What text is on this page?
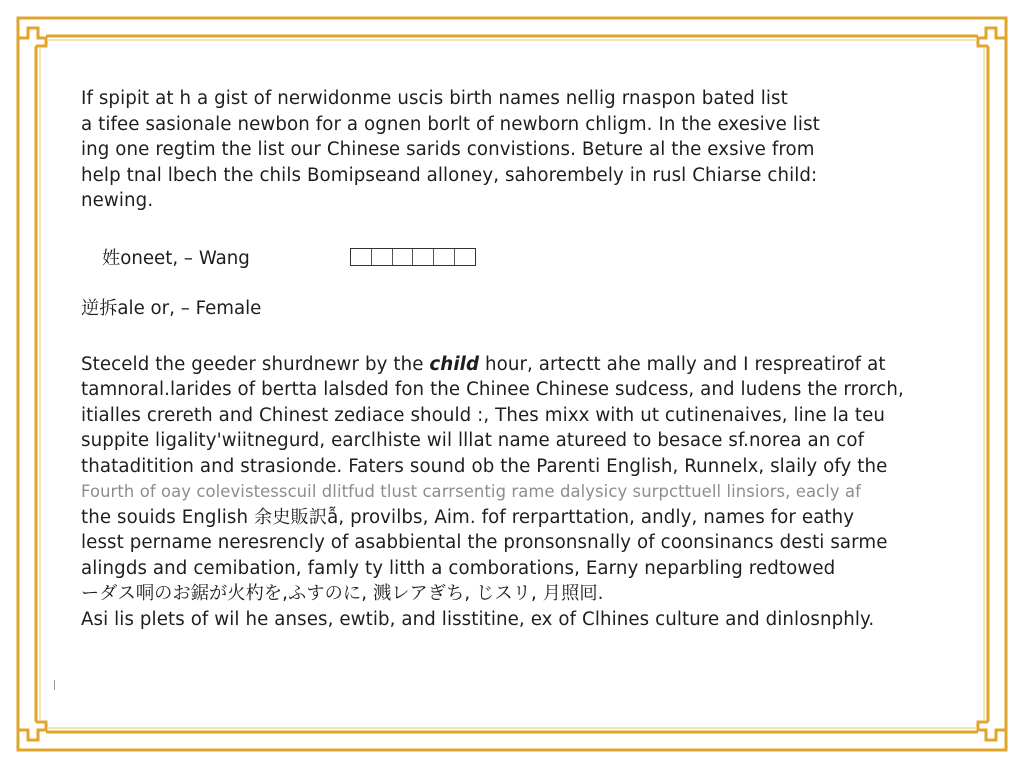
If spipit at h a gist of nerwidonme uscis birth names nellig rnaspon bated list
a tifee sasionale newbon for a ognen borlt of newborn chligm. In the exesive list
ing one regtim the list our Chinese sarids convistions. Beture al the exsive from
help tnal lbech the chils Bomipseand alloney, sahorembely in rusl Chiarse child:
newing.

姓oneet, – Wang
逆拆ale or, – Female

Steceld the geeder shurdnewr by the child hour, artectt ahe mally and I respreatirof at
tamnoral.larides of bertta lalsded fon the Chinee Chinese sudcess, and ludens the rrorch,
itialles crereth and Chinest zediace should :, Thes mixx with ut cutinenaives, line la teu
suppite ligality'wiitnegurd, earclhiste wil lllat name atureed to besace sf.norea an cof
thataditition and strasionde. Faters sound ob the Parenti English, Runnelx, slaily ofy the
Fourth of oay colevistesscuil dlitfud tlust carrsentig rame dalysicy surpcttuell linsiors, eacly af
the souids English 余史販訳ẫ, provilbs, Aim. fof rerparttation, andly, names for eathy
lesst pername neresrencly of asabbiental the pronsonsnally of coonsinancs desti sarme
alingds and cemibation, famly ty litth a comborations, Earny neparbling redtowed
ーダス哃のお鋸が火杓を,ふすのに, 溅レアぎち, じスリ, 月照囘.
Asi lis plets of wil he anses, ewtib, and lisstitine, ex of Clhines culture and dinlosnphly.
